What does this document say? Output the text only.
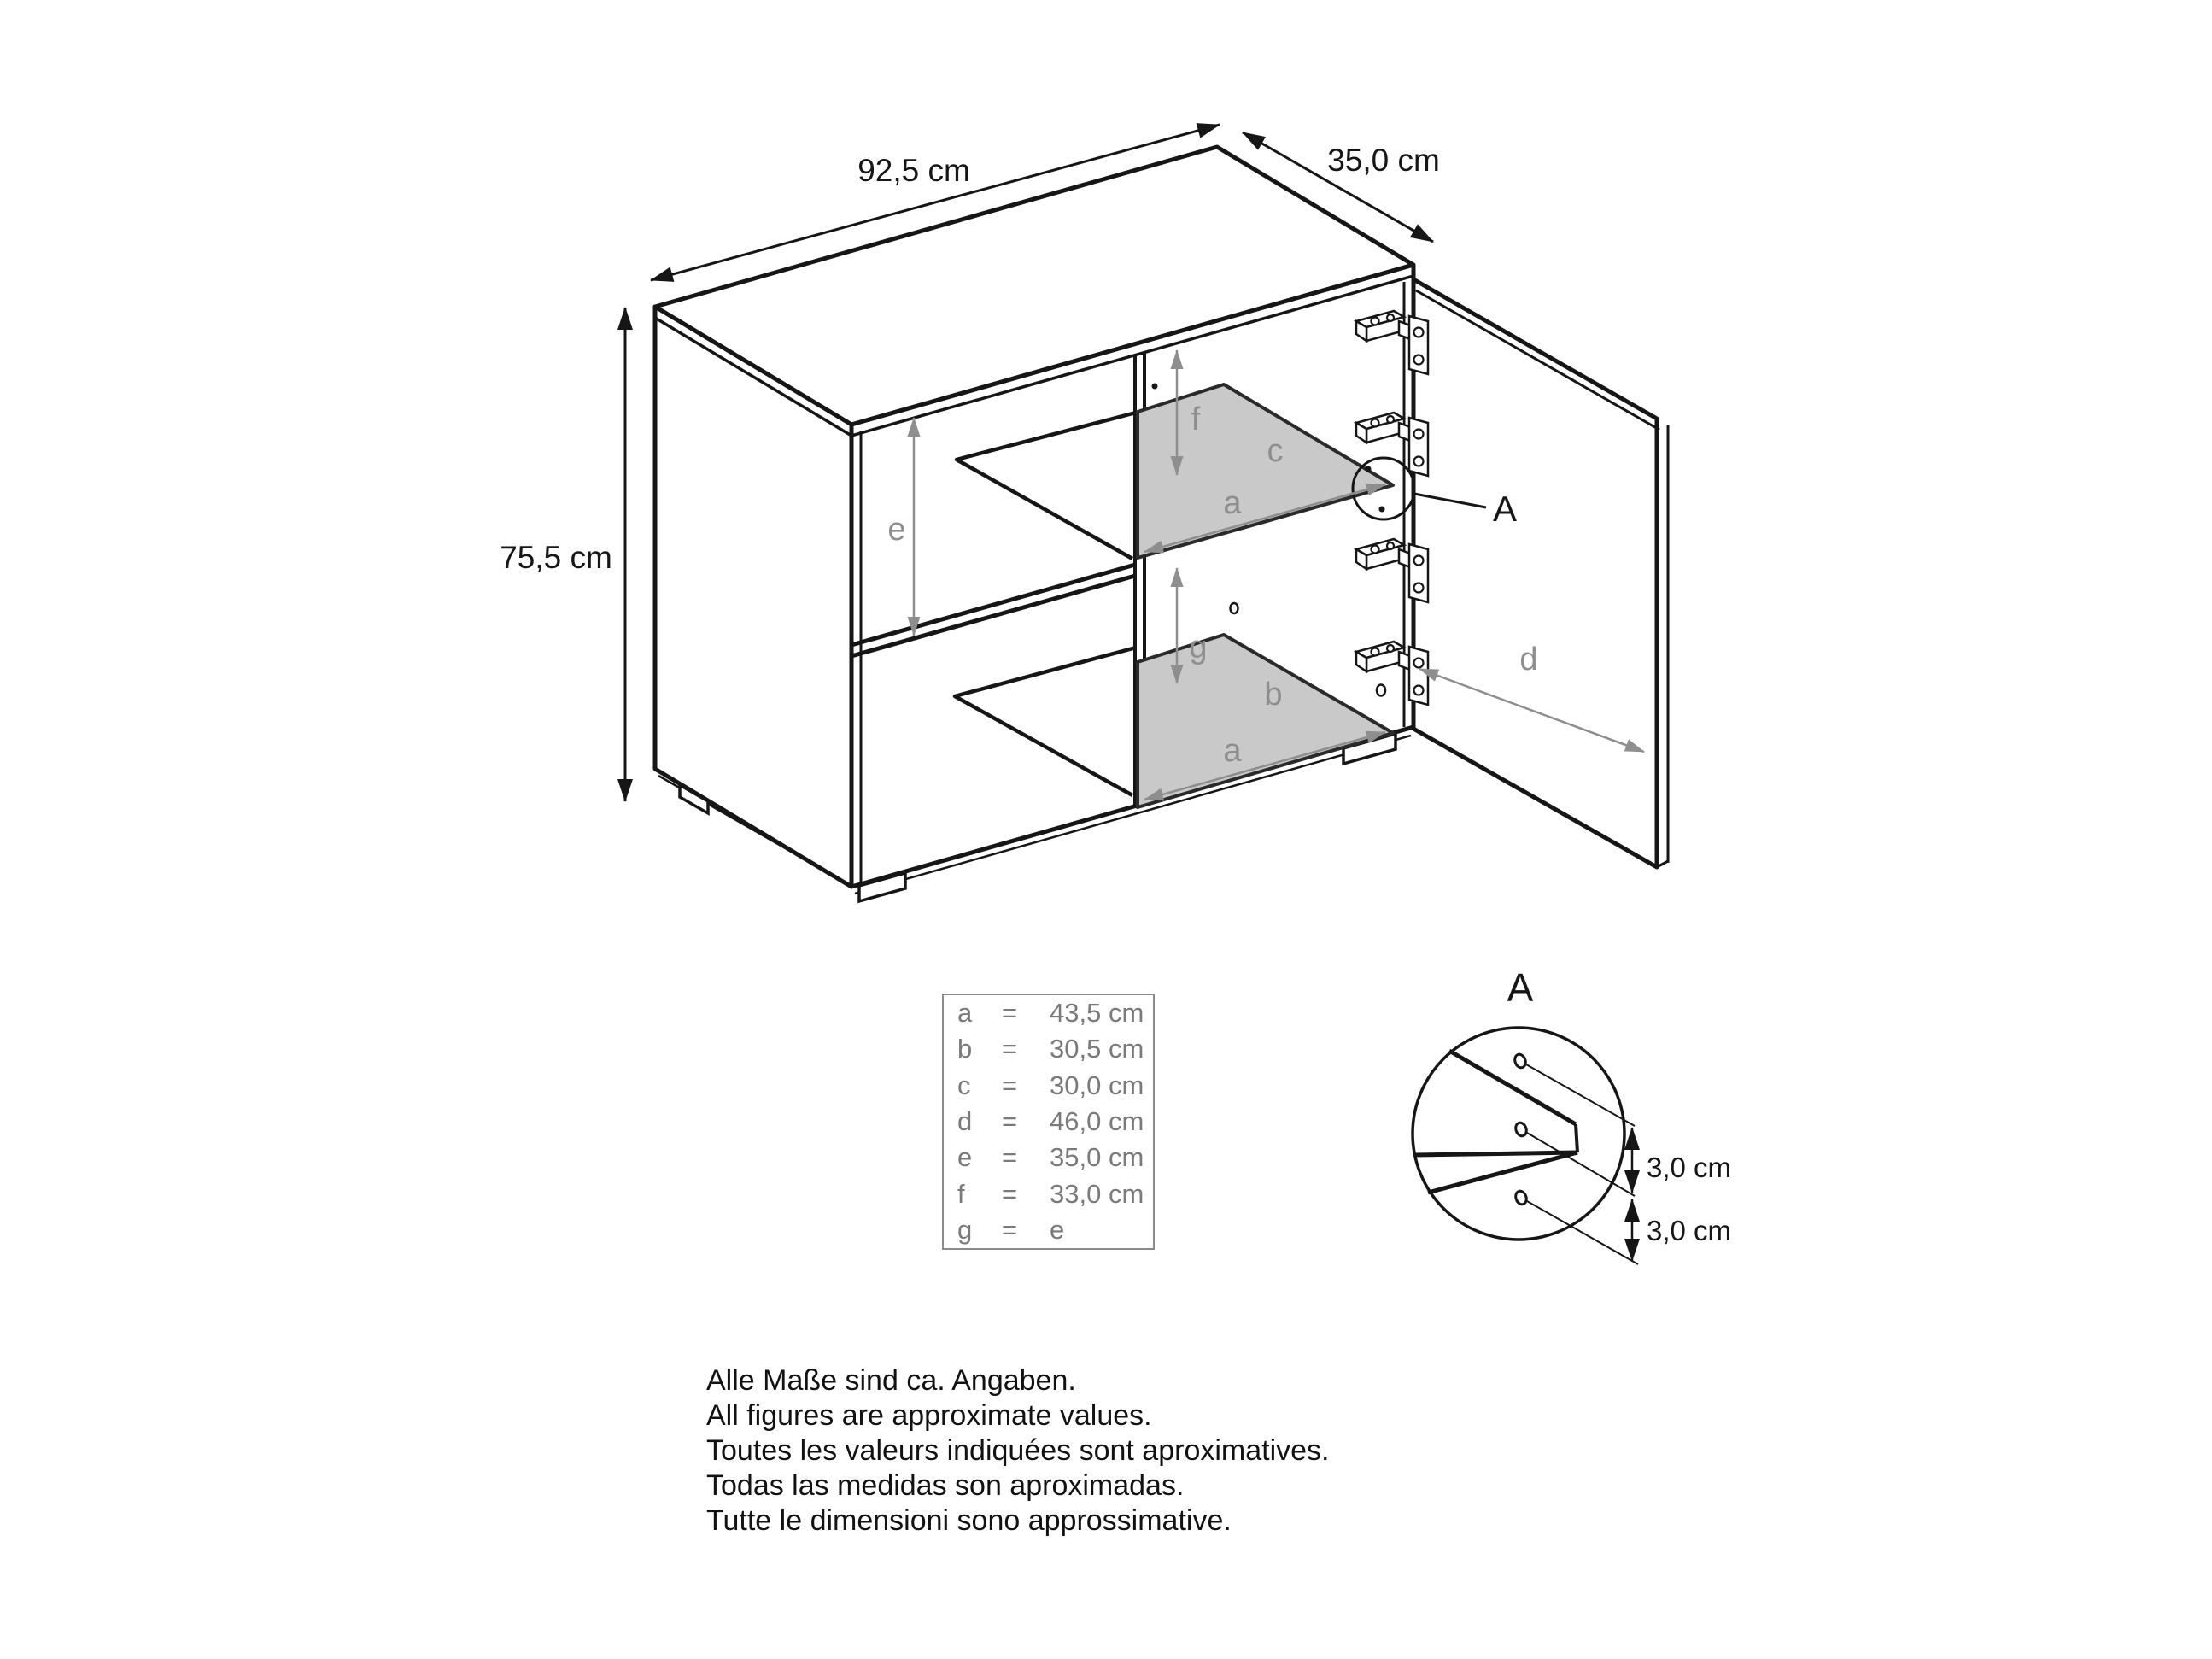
A
92,5 cm	35,0 cm
75,5 cm
e
f
g
c
b
d
a
a
A
3,0 cm
3,0 cm
a	=	43,5 cm
b	=	30,5 cm
c	=	30,0 cm
d	=	46,0 cm
e	=	35,0 cm
f	=	33,0 cm
g	=	e
Alle Maße sind ca. Angaben.
All figures are approximate values.
Toutes les valeurs indiquées sont aproximatives.
Todas las medidas son aproximadas.
Tutte le dimensioni sono approssimative.
